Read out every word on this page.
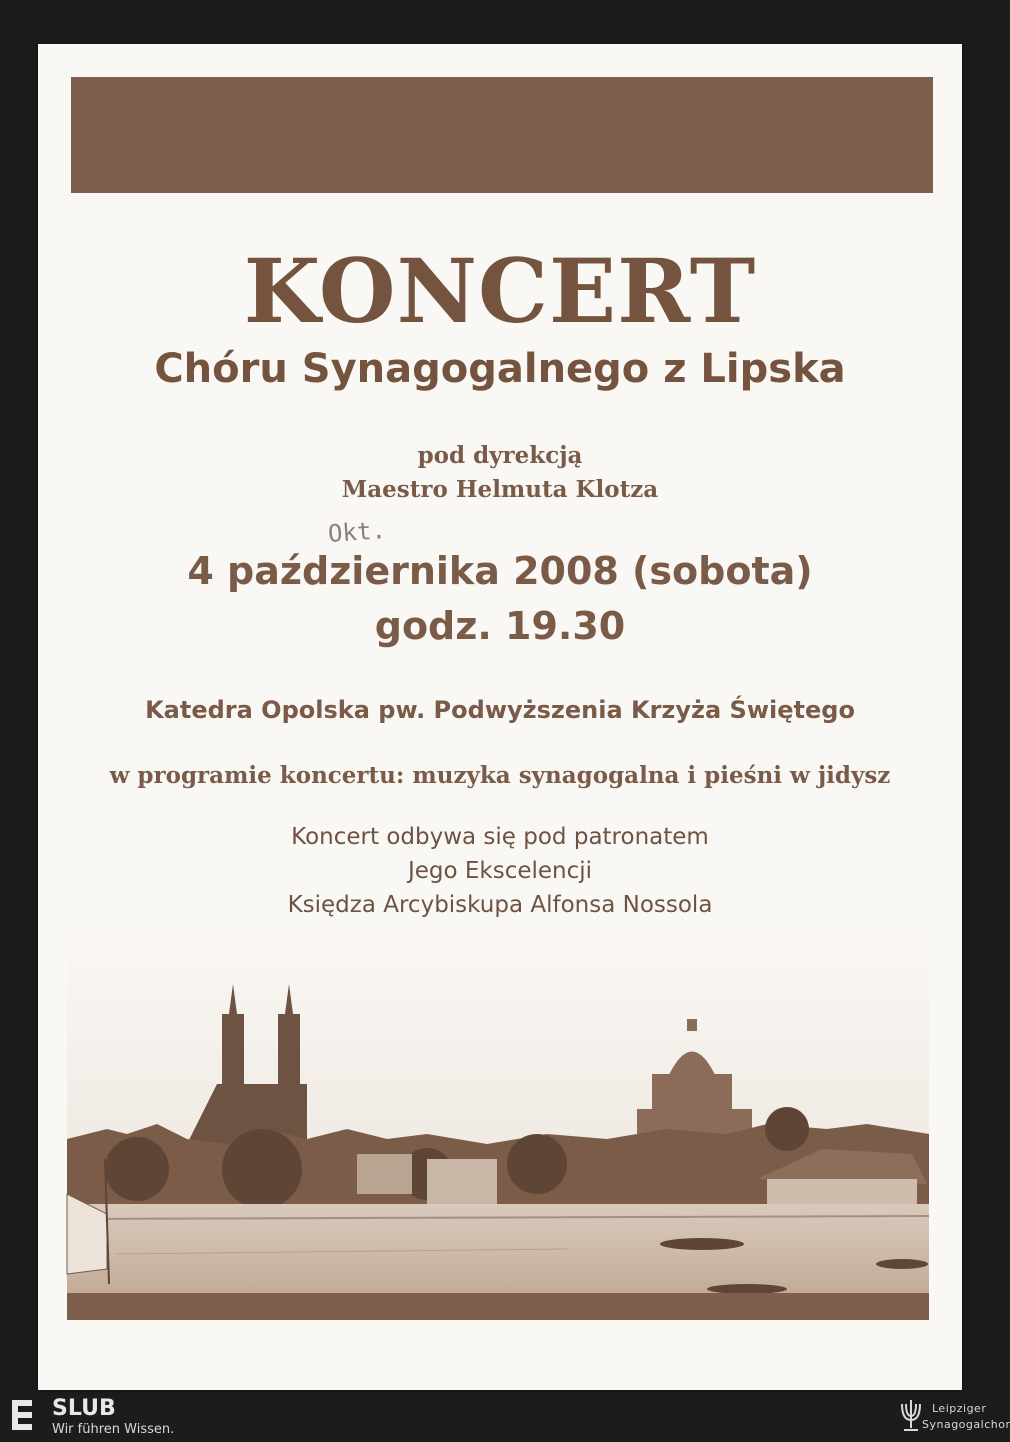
KONCERT
Chóru Synagogalnego z Lipska
pod dyrekcją
Maestro Helmuta Klotza
Okt.
4 października 2008 (sobota)
godz. 19.30
Katedra Opolska pw. Podwyższenia Krzyża Świętego
w programie koncertu: muzyka synagogalna i pieśni w jidysz
Koncert odbywa się pod patronatem
Jego Ekscelencji
Księdza Arcybiskupa Alfonsa Nossola
SLUB
Wir führen Wissen.
Leipziger
Synagogalchor
